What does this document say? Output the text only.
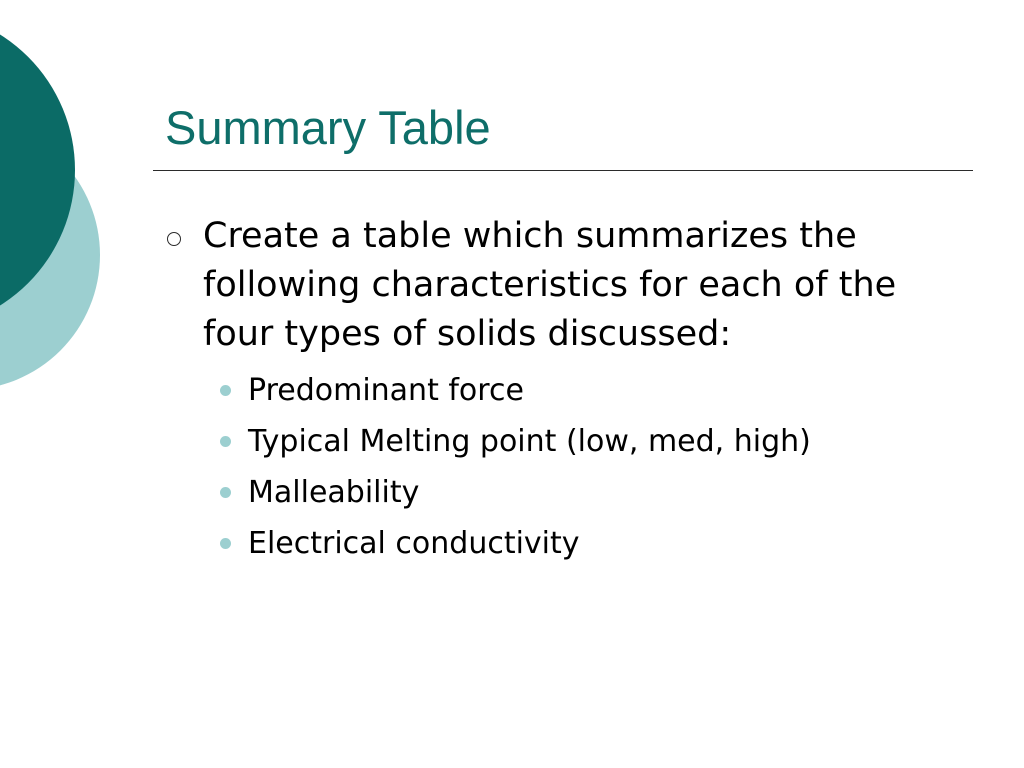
Summary Table
Create a table which summarizes the following characteristics for each of the four types of solids discussed:
Predominant force
Typical Melting point (low, med, high)
Malleability
Electrical conductivity
